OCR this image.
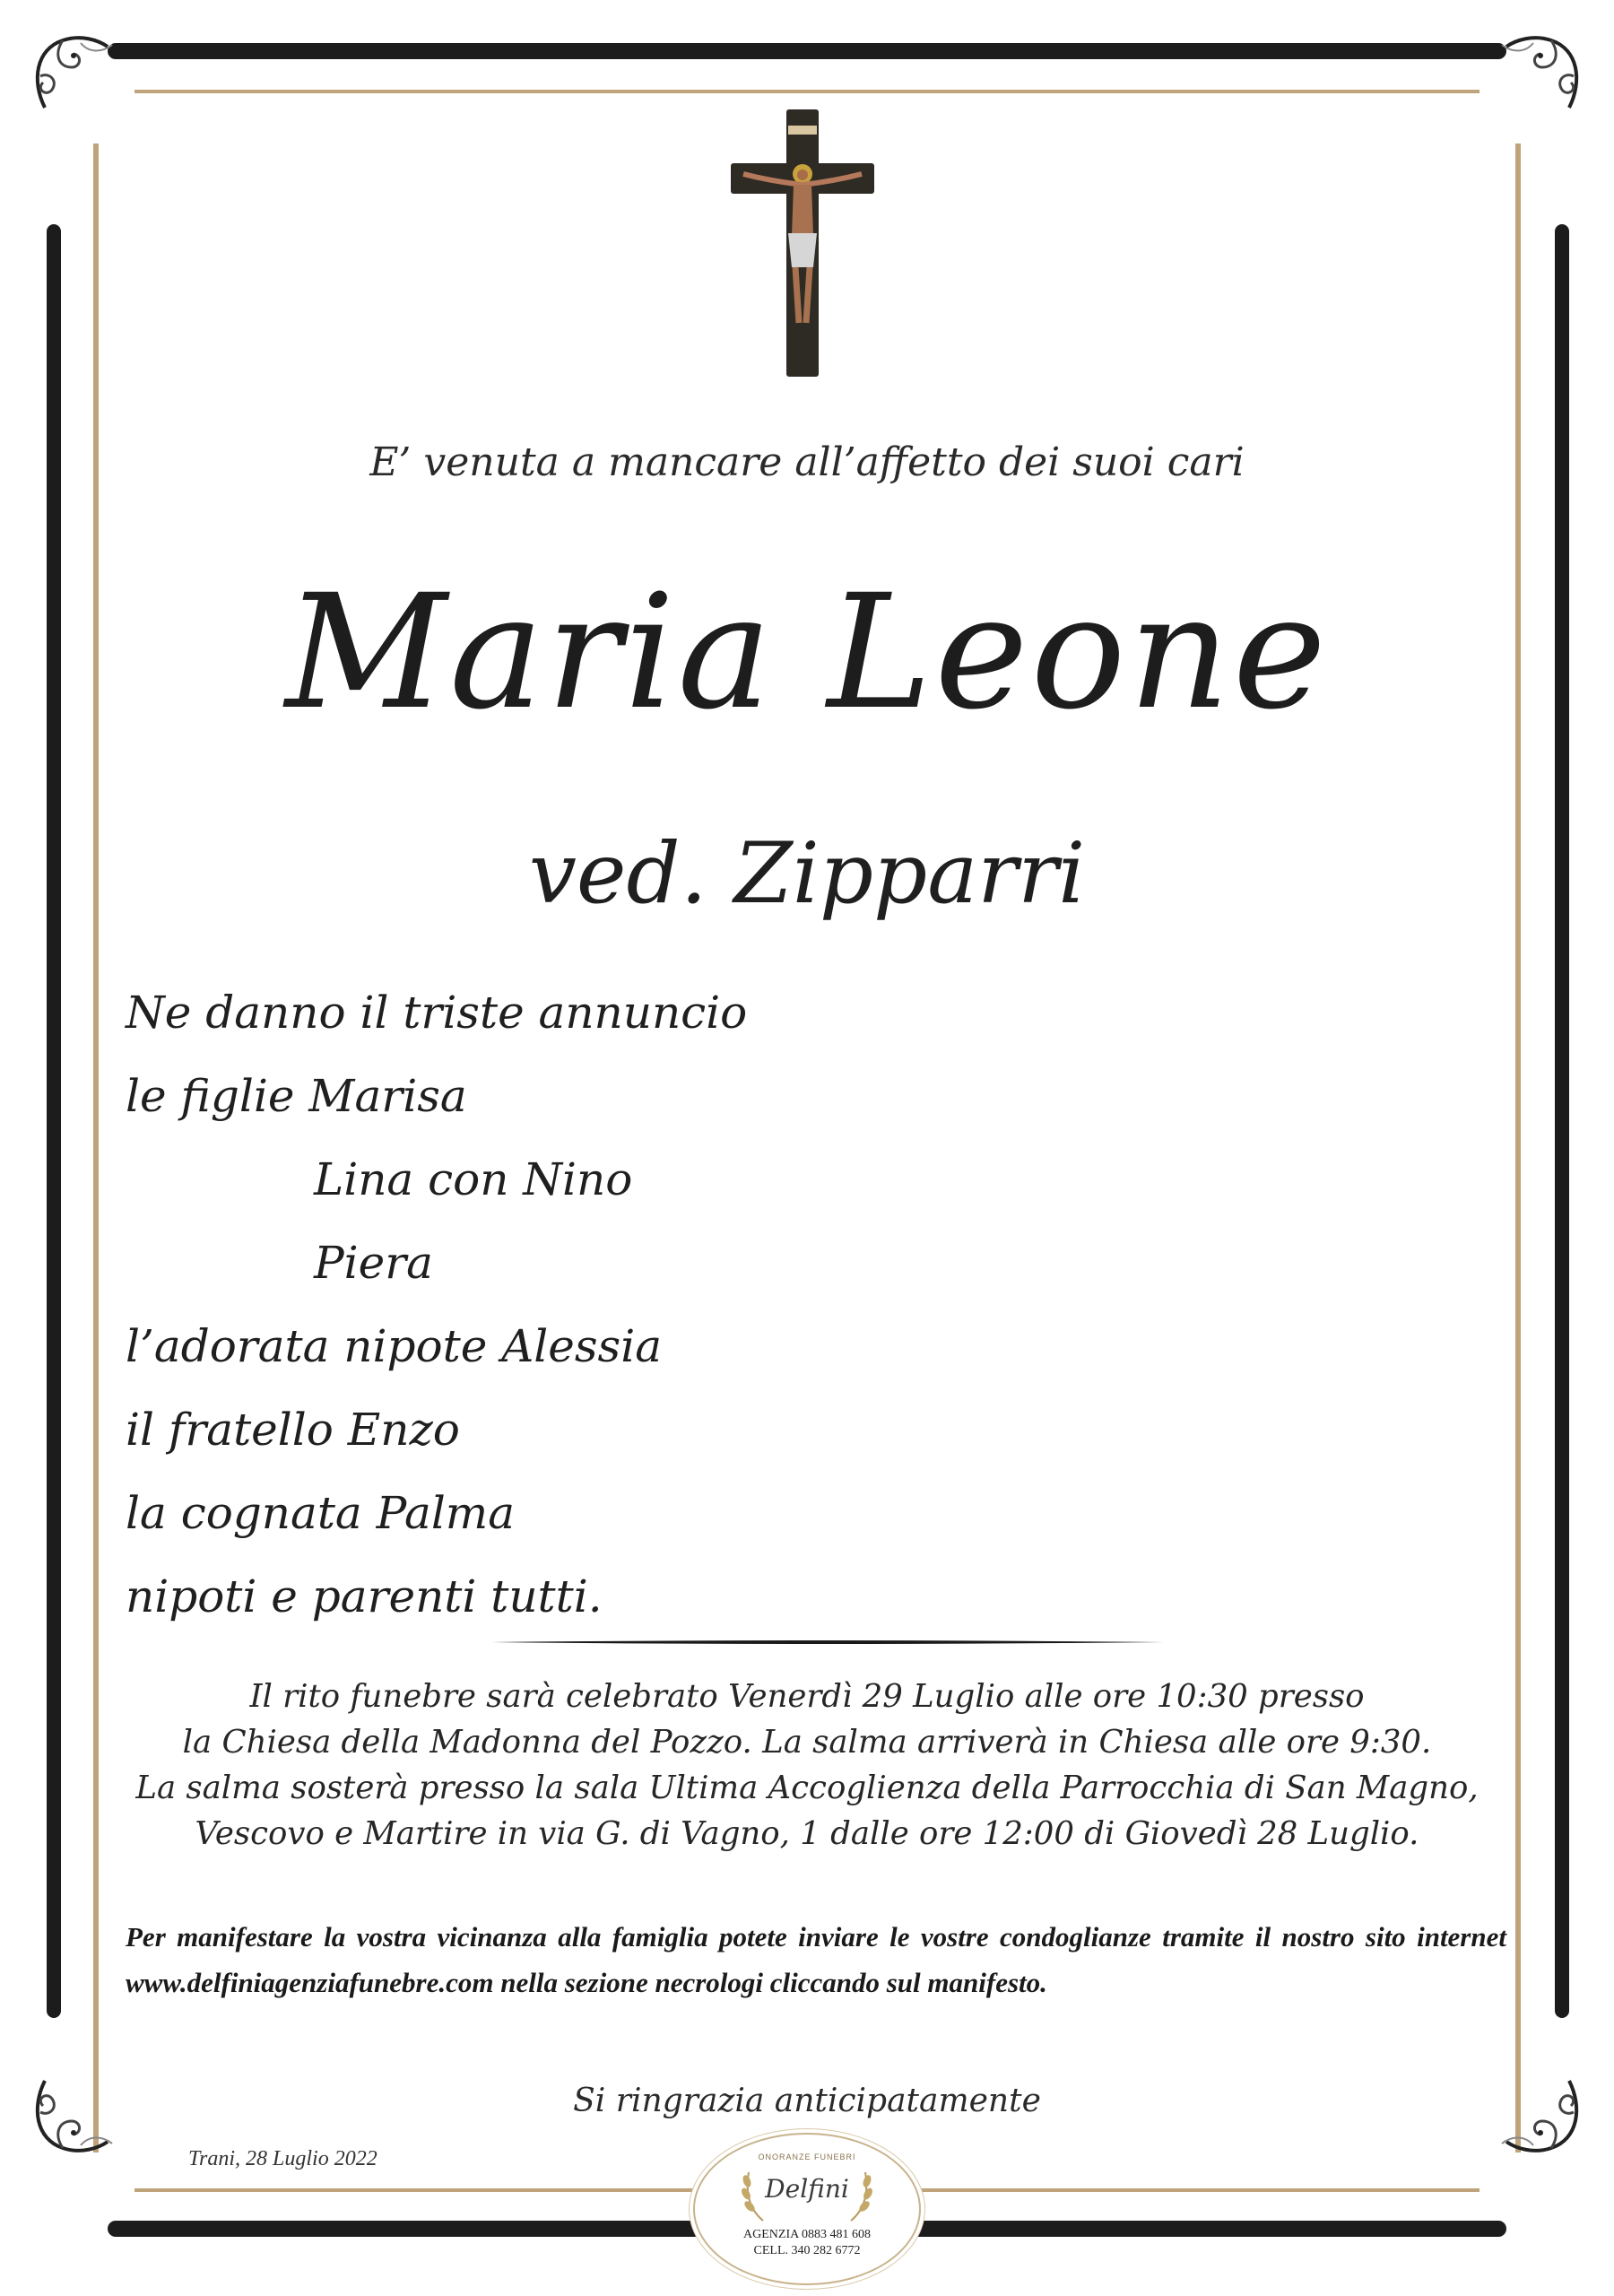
E’ venuta a mancare all’affetto dei suoi cari
Maria Leone
ved. Zipparri
Ne danno il triste annuncio
le figlie Marisa
Lina con Nino
Piera
l’adorata nipote Alessia
il fratello Enzo
la cognata Palma
nipoti e parenti tutti.
Il rito funebre sarà celebrato Venerdì 29 Luglio alle ore 10:30 presso
la Chiesa della Madonna del Pozzo. La salma arriverà in Chiesa alle ore 9:30.
La salma sosterà presso la sala Ultima Accoglienza della Parrocchia di San Magno,
Vescovo e Martire in via G. di Vagno, 1 dalle ore 12:00 di Giovedì 28 Luglio.
Per manifestare la vostra vicinanza alla famiglia potete inviare le vostre condoglianze tramite il nostro sito internet www.delfiniagenziafunebre.com nella sezione necrologi cliccando sul manifesto.
Si ringrazia anticipatamente
Trani, 28 Luglio 2022	ONORANZE FUNEBRI
Delfini
AGENZIA 0883 481 608
CELL. 340 282 6772
